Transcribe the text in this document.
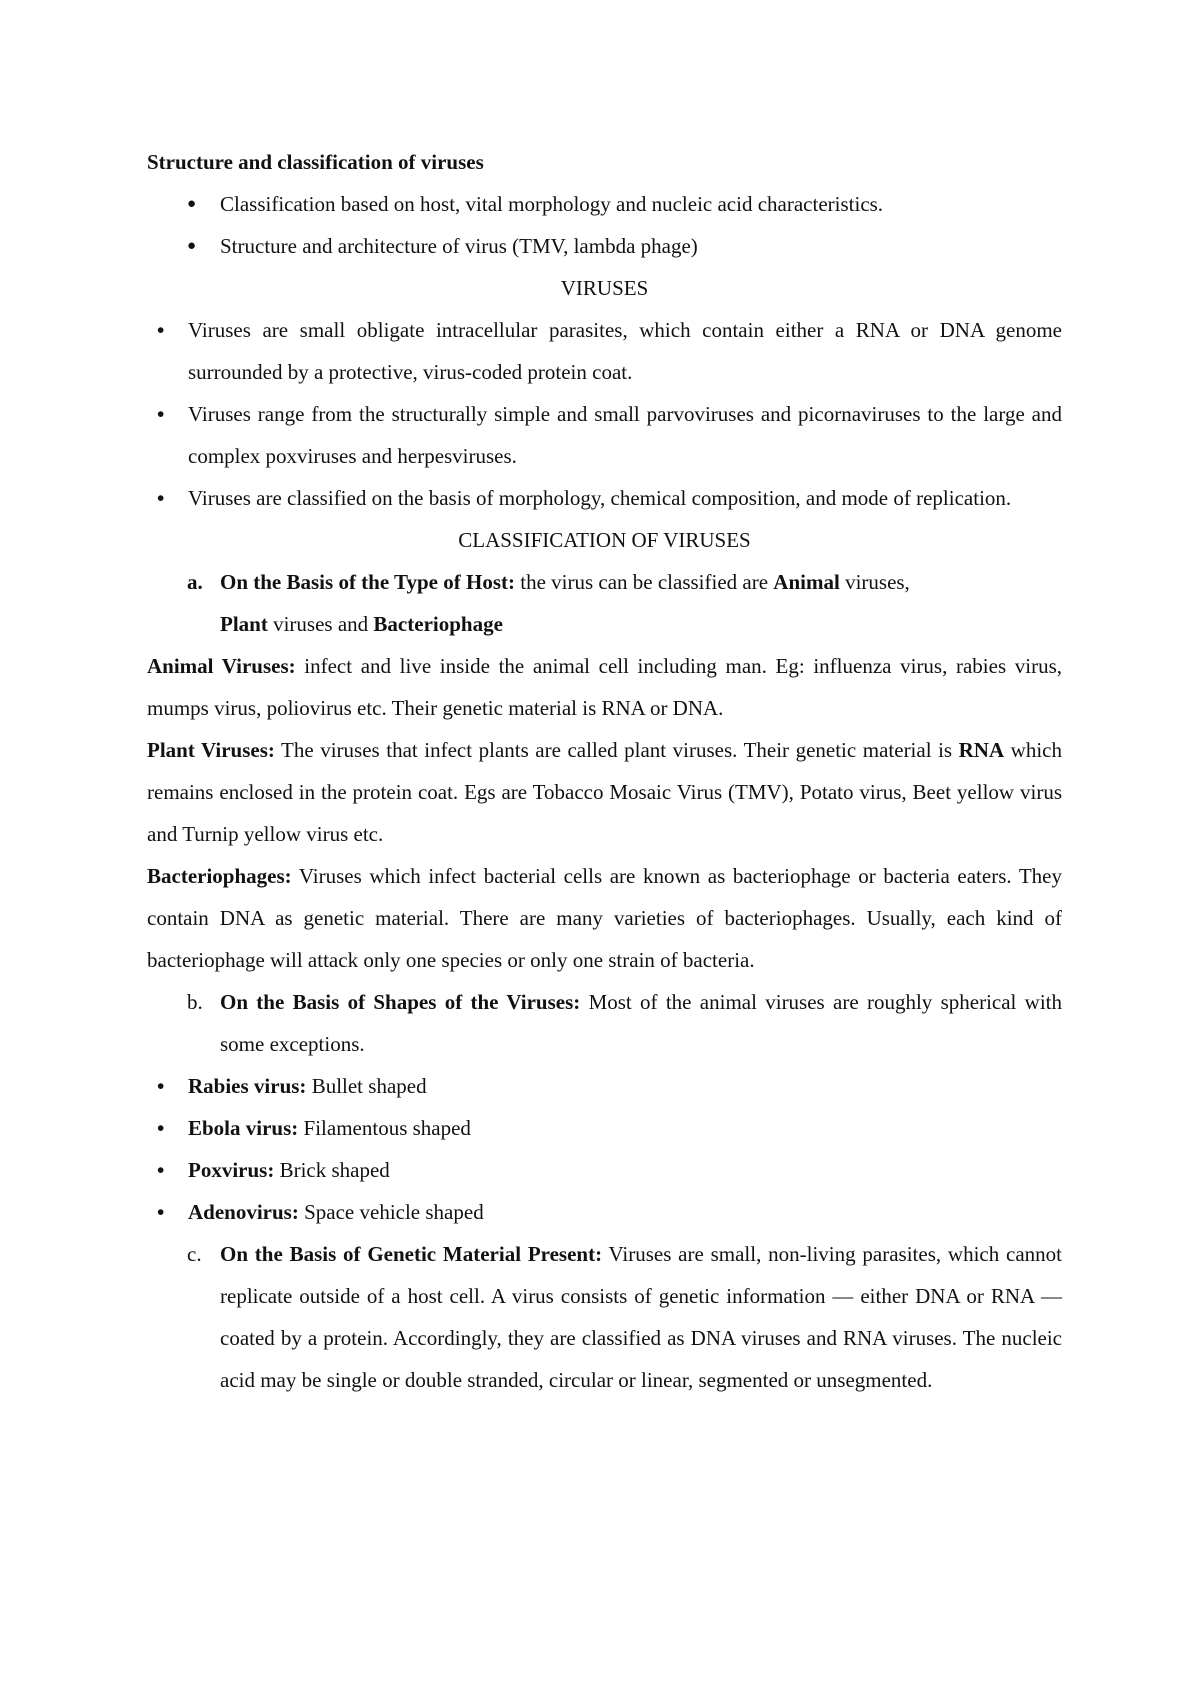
Structure and classification of viruses

● Classification based on host, vital morphology and nucleic acid characteristics.
● Structure and architecture of virus (TMV, lambda phage)

VIRUSES

• Viruses are small obligate intracellular parasites, which contain either a RNA or DNA genome surrounded by a protective, virus-coded protein coat.
• Viruses range from the structurally simple and small parvoviruses and picornaviruses to the large and complex poxviruses and herpesviruses.
• Viruses are classified on the basis of morphology, chemical composition, and mode of replication.

CLASSIFICATION OF VIRUSES

a. On the Basis of the Type of Host: the virus can be classified are Animal viruses,
Plant viruses and Bacteriophage

Animal Viruses: infect and live inside the animal cell including man. Eg: influenza virus, rabies virus, mumps virus, poliovirus etc. Their genetic material is RNA or DNA.

Plant Viruses: The viruses that infect plants are called plant viruses. Their genetic material is RNA which remains enclosed in the protein coat. Egs are Tobacco Mosaic Virus (TMV), Potato virus, Beet yellow virus and Turnip yellow virus etc.

Bacteriophages: Viruses which infect bacterial cells are known as bacteriophage or bacteria eaters. They contain DNA as genetic material. There are many varieties of bacteriophages. Usually, each kind of bacteriophage will attack only one species or only one strain of bacteria.

b. On the Basis of Shapes of the Viruses: Most of the animal viruses are roughly spherical with some exceptions.
• Rabies virus: Bullet shaped
• Ebola virus: Filamentous shaped
• Poxvirus: Brick shaped
• Adenovirus: Space vehicle shaped
c. On the Basis of Genetic Material Present: Viruses are small, non-living parasites, which cannot replicate outside of a host cell. A virus consists of genetic information — either DNA or RNA — coated by a protein. Accordingly, they are classified as DNA viruses and RNA viruses. The nucleic acid may be single or double stranded, circular or linear, segmented or unsegmented.
